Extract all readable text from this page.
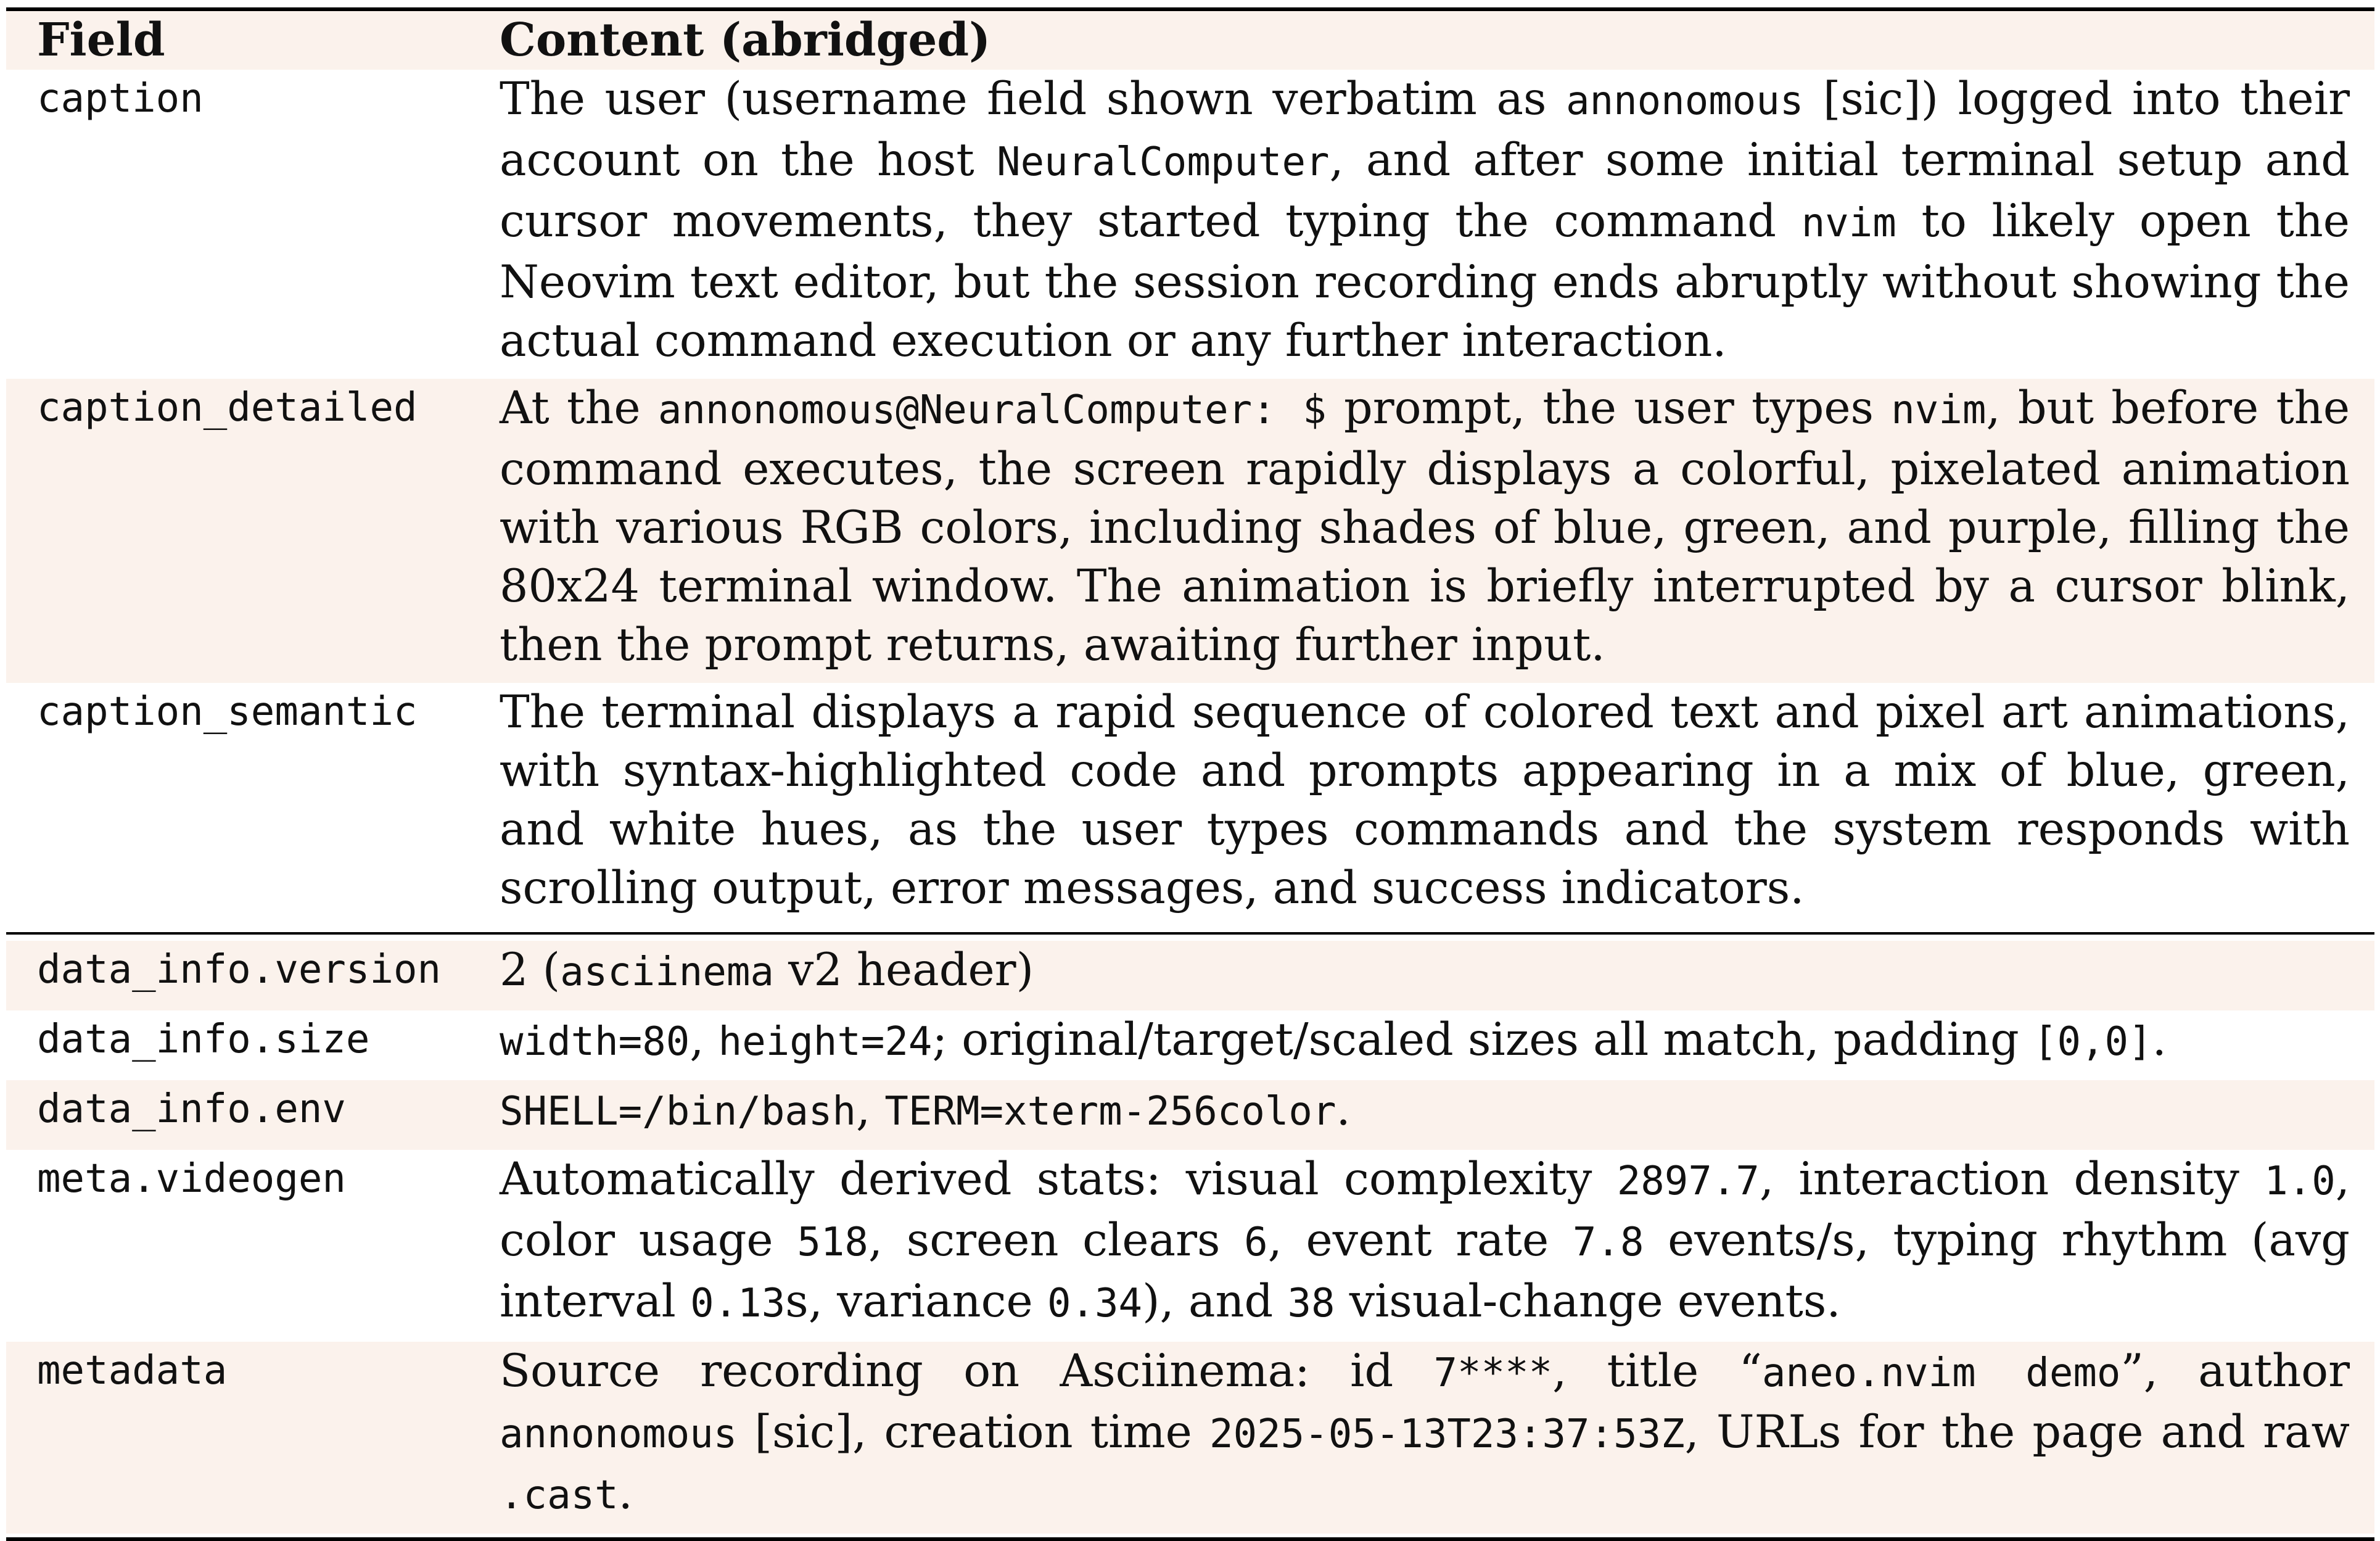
Field	Content (abridged)
caption	The user (username field shown verbatim as annonomous [sic]) logged into their account on the host NeuralComputer, and after some initial terminal setup and cursor movements, they started typing the command nvim to likely open the Neovim text editor, but the session recording ends abruptly without showing the actual command execution or any further interaction.
caption_detailed	At the annonomous@NeuralComputer: $ prompt, the user types nvim, but before the command executes, the screen rapidly displays a colorful, pixelated animation with various RGB colors, including shades of blue, green, and purple, filling the 80x24 terminal window. The animation is briefly interrupted by a cursor blink, then the prompt returns, awaiting further input.
caption_semantic	The terminal displays a rapid sequence of colored text and pixel art animations, with syntax-highlighted code and prompts appearing in a mix of blue, green, and white hues, as the user types commands and the system responds with scrolling output, error messages, and success indicators.
data_info.version	2 (asciinema v2 header)
data_info.size	width=80, height=24; original/target/scaled sizes all match, padding [0,0].
data_info.env	SHELL=/bin/bash, TERM=xterm-256color.
meta.videogen	Automatically derived stats: visual complexity 2897.7, interaction density 1.0, color usage 518, screen clears 6, event rate 7.8 events/s, typing rhythm (avg interval 0.13s, variance 0.34), and 38 visual-change events.
metadata	Source recording on Asciinema: id 7****, title “aneo.nvim demo”, author annonomous [sic], creation time 2025-05-13T23:37:53Z, URLs for the page and raw .cast.
